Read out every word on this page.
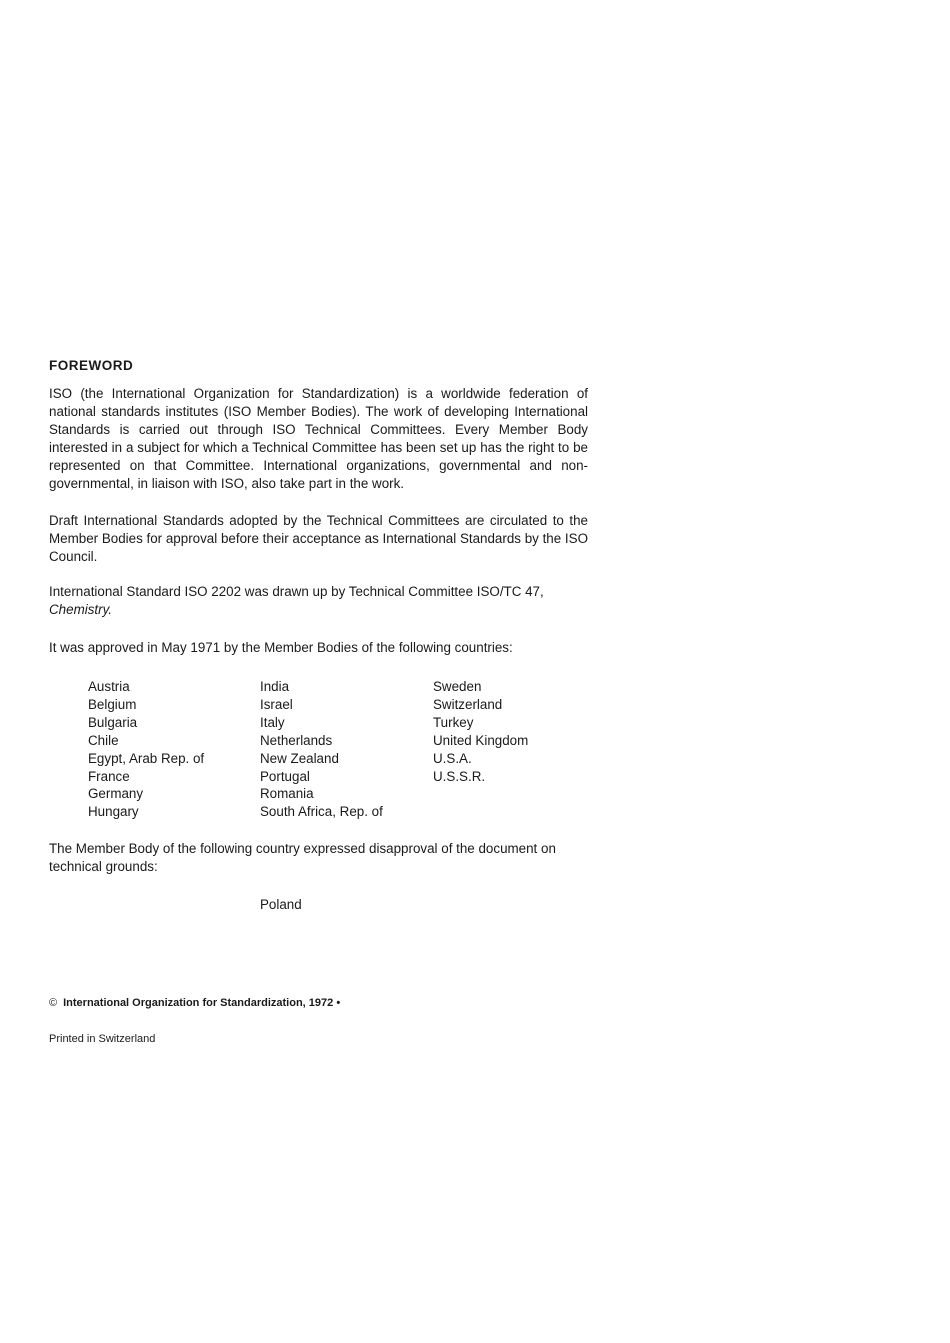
FOREWORD

ISO (the International Organization for Standardization) is a worldwide federation of national standards institutes (ISO Member Bodies). The work of developing International Standards is carried out through ISO Technical Committees. Every Member Body interested in a subject for which a Technical Committee has been set up has the right to be represented on that Committee. International organizations, governmental and non-governmental, in liaison with ISO, also take part in the work.

Draft International Standards adopted by the Technical Committees are circulated to the Member Bodies for approval before their acceptance as International Standards by the ISO Council.

International Standard ISO 2202 was drawn up by Technical Committee ISO/TC 47,
Chemistry.

It was approved in May 1971 by the Member Bodies of the following countries:

Austria
Belgium
Bulgaria
Chile
Egypt, Arab Rep. of
France
Germany
Hungary
India
Israel
Italy
Netherlands
New Zealand
Portugal
Romania
South Africa, Rep. of
Sweden
Switzerland
Turkey
United Kingdom
U.S.A.
U.S.S.R.

The Member Body of the following country expressed disapproval of the document on technical grounds:

Poland
© International Organization for Standardization, 1972 •
Printed in Switzerland
